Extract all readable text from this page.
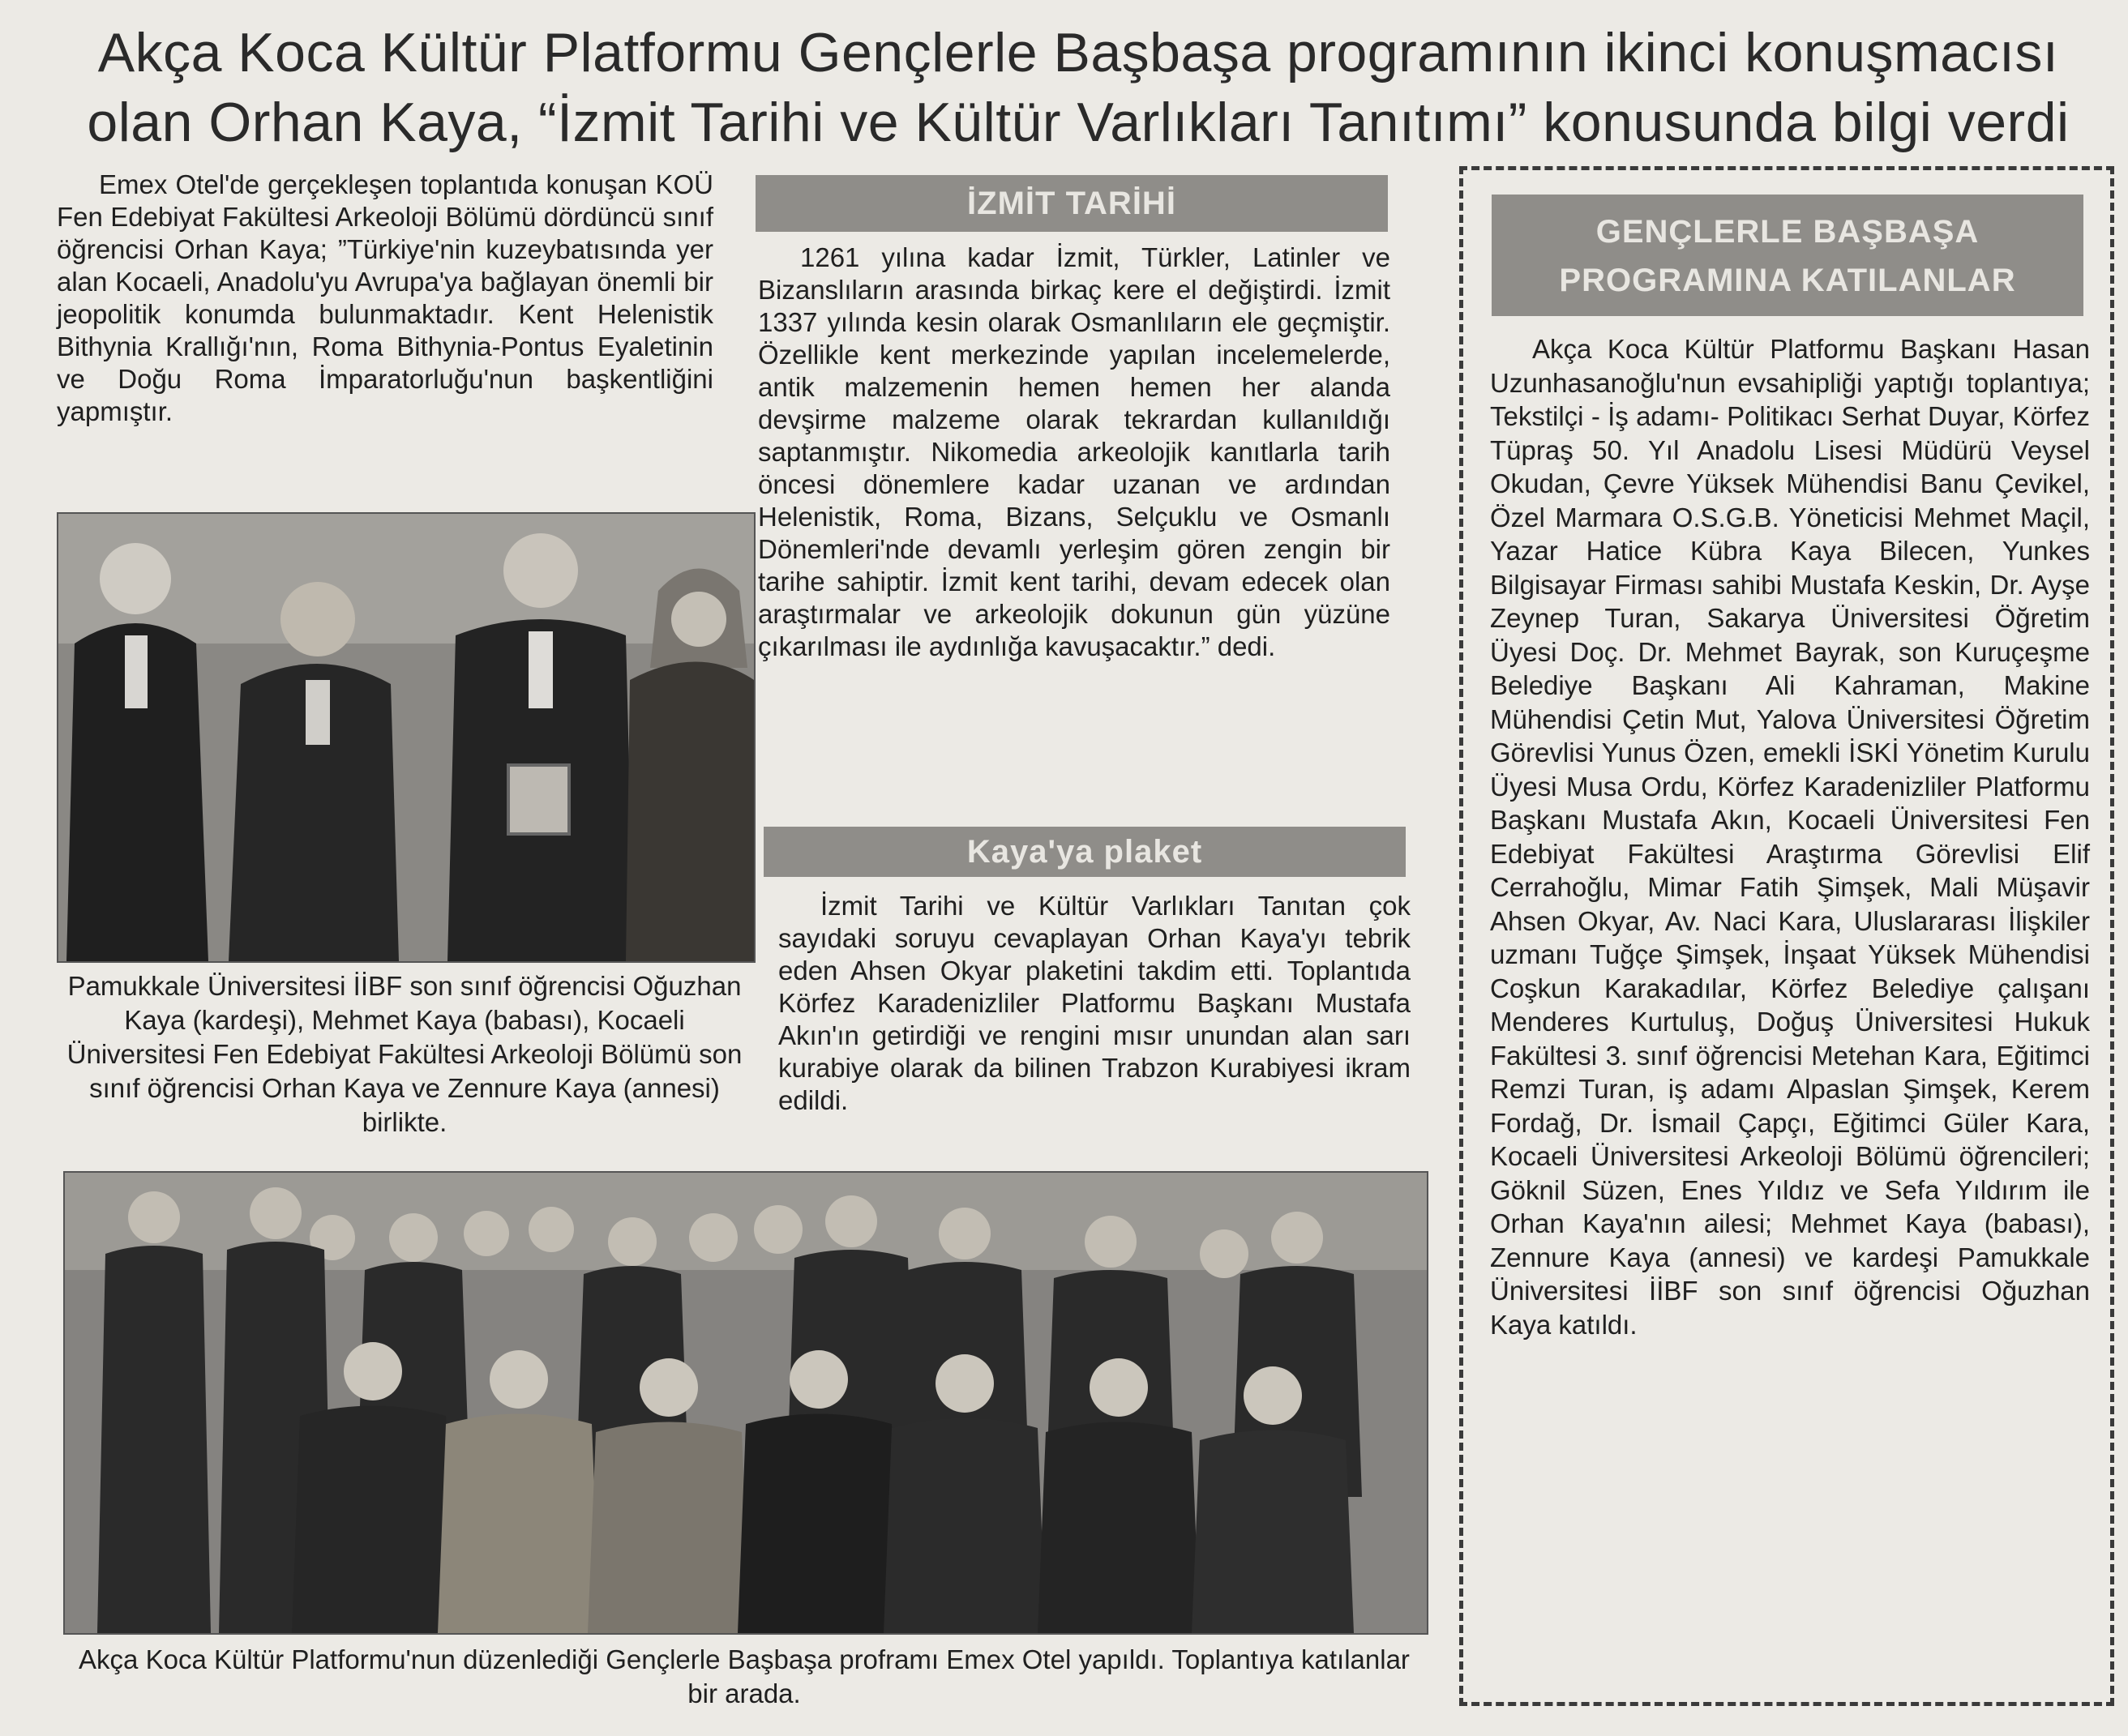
Akça Koca Kültür Platformu Gençlerle Başbaşa programının ikinci konuşmacısı
olan Orhan Kaya, “İzmit Tarihi ve Kültür Varlıkları Tanıtımı” konusunda bilgi verdi

Emex Otel'de gerçekleşen toplantıda konuşan KOÜ Fen Edebiyat Fakültesi Arkeoloji Bölümü dördüncü sınıf öğrencisi Orhan Kaya; ”Türkiye'nin kuzeybatısında yer alan Kocaeli, Anadolu'yu Avrupa'ya bağlayan önemli bir jeopolitik konumda bulunmaktadır. Kent Helenistik Bithynia Krallığı'nın, Roma Bithynia-Pontus Eyaletinin ve Doğu Roma İmparatorluğu'nun başkentliğini yapmıştır.

Pamukkale Üniversitesi İİBF son sınıf öğrencisi Oğuzhan Kaya (kardeşi), Mehmet Kaya (babası), Kocaeli Üniversitesi Fen Edebiyat Fakültesi Arkeoloji Bölümü son sınıf öğrencisi Orhan Kaya ve Zennure Kaya (annesi) birlikte.
İZMİT TARİHİ

1261 yılına kadar İzmit, Türkler, Latinler ve Bizanslıların arasında birkaç kere el değiştirdi. İzmit 1337 yılında kesin olarak Osmanlıların ele geçmiştir. Özellikle kent merkezinde yapılan incelemelerde, antik malzemenin hemen hemen her alanda devşirme malzeme olarak tekrardan kullanıldığı saptanmıştır. Nikomedia arkeolojik kanıtlarla tarih öncesi dönemlere kadar uzanan ve ardından Helenistik, Roma, Bizans, Selçuklu ve Osmanlı Dönemleri'nde devamlı yerleşim gören zengin bir tarihe sahiptir. İzmit kent tarihi, devam edecek olan araştırmalar ve arkeolojik dokunun gün yüzüne çıkarılması ile aydınlığa kavuşacaktır.” dedi.

Kaya'ya plaket

İzmit Tarihi ve Kültür Varlıkları Tanıtan çok sayıdaki soruyu cevaplayan Orhan Kaya'yı tebrik eden Ahsen Okyar plaketini takdim etti. Toplantıda Körfez Karadenizliler Platformu Başkanı Mustafa Akın'ın getirdiği ve rengini mısır unundan alan sarı kurabiye olarak da bilinen Trabzon Kurabiyesi ikram edildi.

GENÇLERLE BAŞBAŞA
PROGRAMINA KATILANLAR

Akça Koca Kültür Platformu Başkanı Hasan Uzunhasanoğlu'nun evsahipliği yaptığı toplantıya; Tekstilçi - İş adamı- Politikacı Serhat Duyar, Körfez Tüpraş 50. Yıl Anadolu Lisesi Müdürü Veysel Okudan, Çevre Yüksek Mühendisi Banu Çevikel, Özel Marmara O.S.G.B. Yöneticisi Mehmet Maçil, Yazar Hatice Kübra Kaya Bilecen, Yunkes Bilgisayar Firması sahibi Mustafa Keskin, Dr. Ayşe Zeynep Turan, Sakarya Üniversitesi Öğretim Üyesi Doç. Dr. Mehmet Bayrak, son Kuruçeşme Belediye Başkanı Ali Kahraman, Makine Mühendisi Çetin Mut, Yalova Üniversitesi Öğretim Görevlisi Yunus Özen, emekli İSKİ Yönetim Kurulu Üyesi Musa Ordu, Körfez Karadenizliler Platformu Başkanı Mustafa Akın, Kocaeli Üniversitesi Fen Edebiyat Fakültesi Araştırma Görevlisi Elif Cerrahoğlu, Mimar Fatih Şimşek, Mali Müşavir Ahsen Okyar, Av. Naci Kara, Uluslararası İlişkiler uzmanı Tuğçe Şimşek, İnşaat Yüksek Mühendisi Coşkun Karakadılar, Körfez Belediye çalışanı Menderes Kurtuluş, Doğuş Üniversitesi Hukuk Fakültesi 3. sınıf öğrencisi Metehan Kara, Eğitimci Remzi Turan, iş adamı Alpaslan Şimşek, Kerem Fordağ, Dr. İsmail Çapçı, Eğitimci Güler Kara, Kocaeli Üniversitesi Arkeoloji Bölümü öğrencileri; Göknil Süzen, Enes Yıldız ve Sefa Yıldırım ile Orhan Kaya'nın ailesi; Mehmet Kaya (babası), Zennure Kaya (annesi) ve kardeşi Pamukkale Üniversitesi İİBF son sınıf öğrencisi Oğuzhan Kaya katıldı.

Akça Koca Kültür Platformu'nun düzenlediği Gençlerle Başbaşa proframı Emex Otel yapıldı. Toplantıya katılanlar bir arada.
